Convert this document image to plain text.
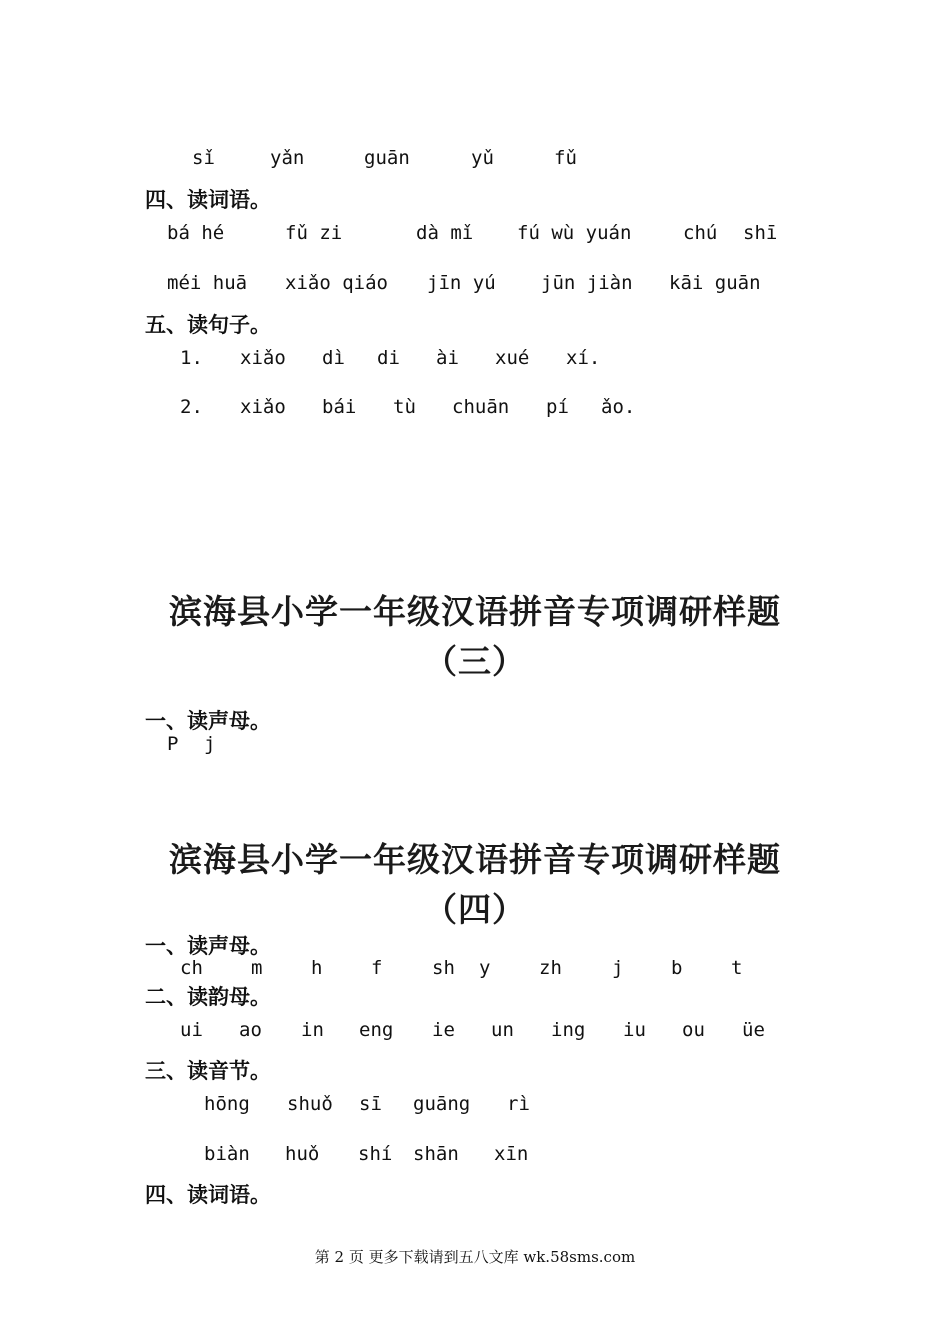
sǐ	yǎn	guān	yǔ	fǔ
四、读词语。
bá hé	fǔ zi	dà mǐ fú wù yuán	chú shī
méi huā xiǎo qiáo jīn yú jūn jiàn kāi guān
五、读句子。
1. xiǎo dì di ài xué xí.
2. xiǎo bái tù chuān pí ǎo.
滨海县小学一年级汉语拼音专项调研样题
（三）
一、读声母。
P j
滨海县小学一年级汉语拼音专项调研样题
（四）
一、读声母。
ch	m	h	f	sh y	zh	j	b	t
二、读韵母。
ui ao in eng ie un ing iu ou üe
三、读音节。
hōng shuǒ sī guāng rì
biàn huǒ shí shān xīn
四、读词语。
第 2 页 更多下载请到五八文库 wk.58sms.com
